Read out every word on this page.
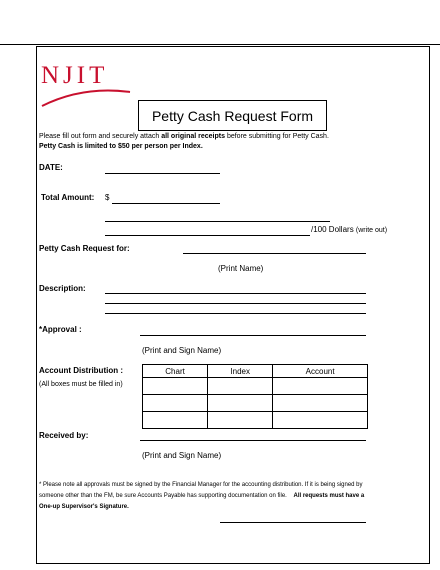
NJIT
Petty Cash Request Form
Please fill out form and securely attach all original receipts before submitting for Petty Cash.
Petty Cash is limited to $50 per person per Index.
DATE:
Total Amount: $
/100 Dollars (write out)
Petty Cash Request for:
(Print Name)
Description:
*Approval :
(Print and Sign Name)
Account Distribution :
(All boxes must be filled in)
Chart	Index	Account

Received by:
(Print and Sign Name)
* Please note all approvals must be signed by the Financial Manager for the accounting distribution. If it is being signed by
someone other than the FM, be sure Accounts Payable has supporting documentation on file. All requests must have a
One-up Supervisor's Signature.
